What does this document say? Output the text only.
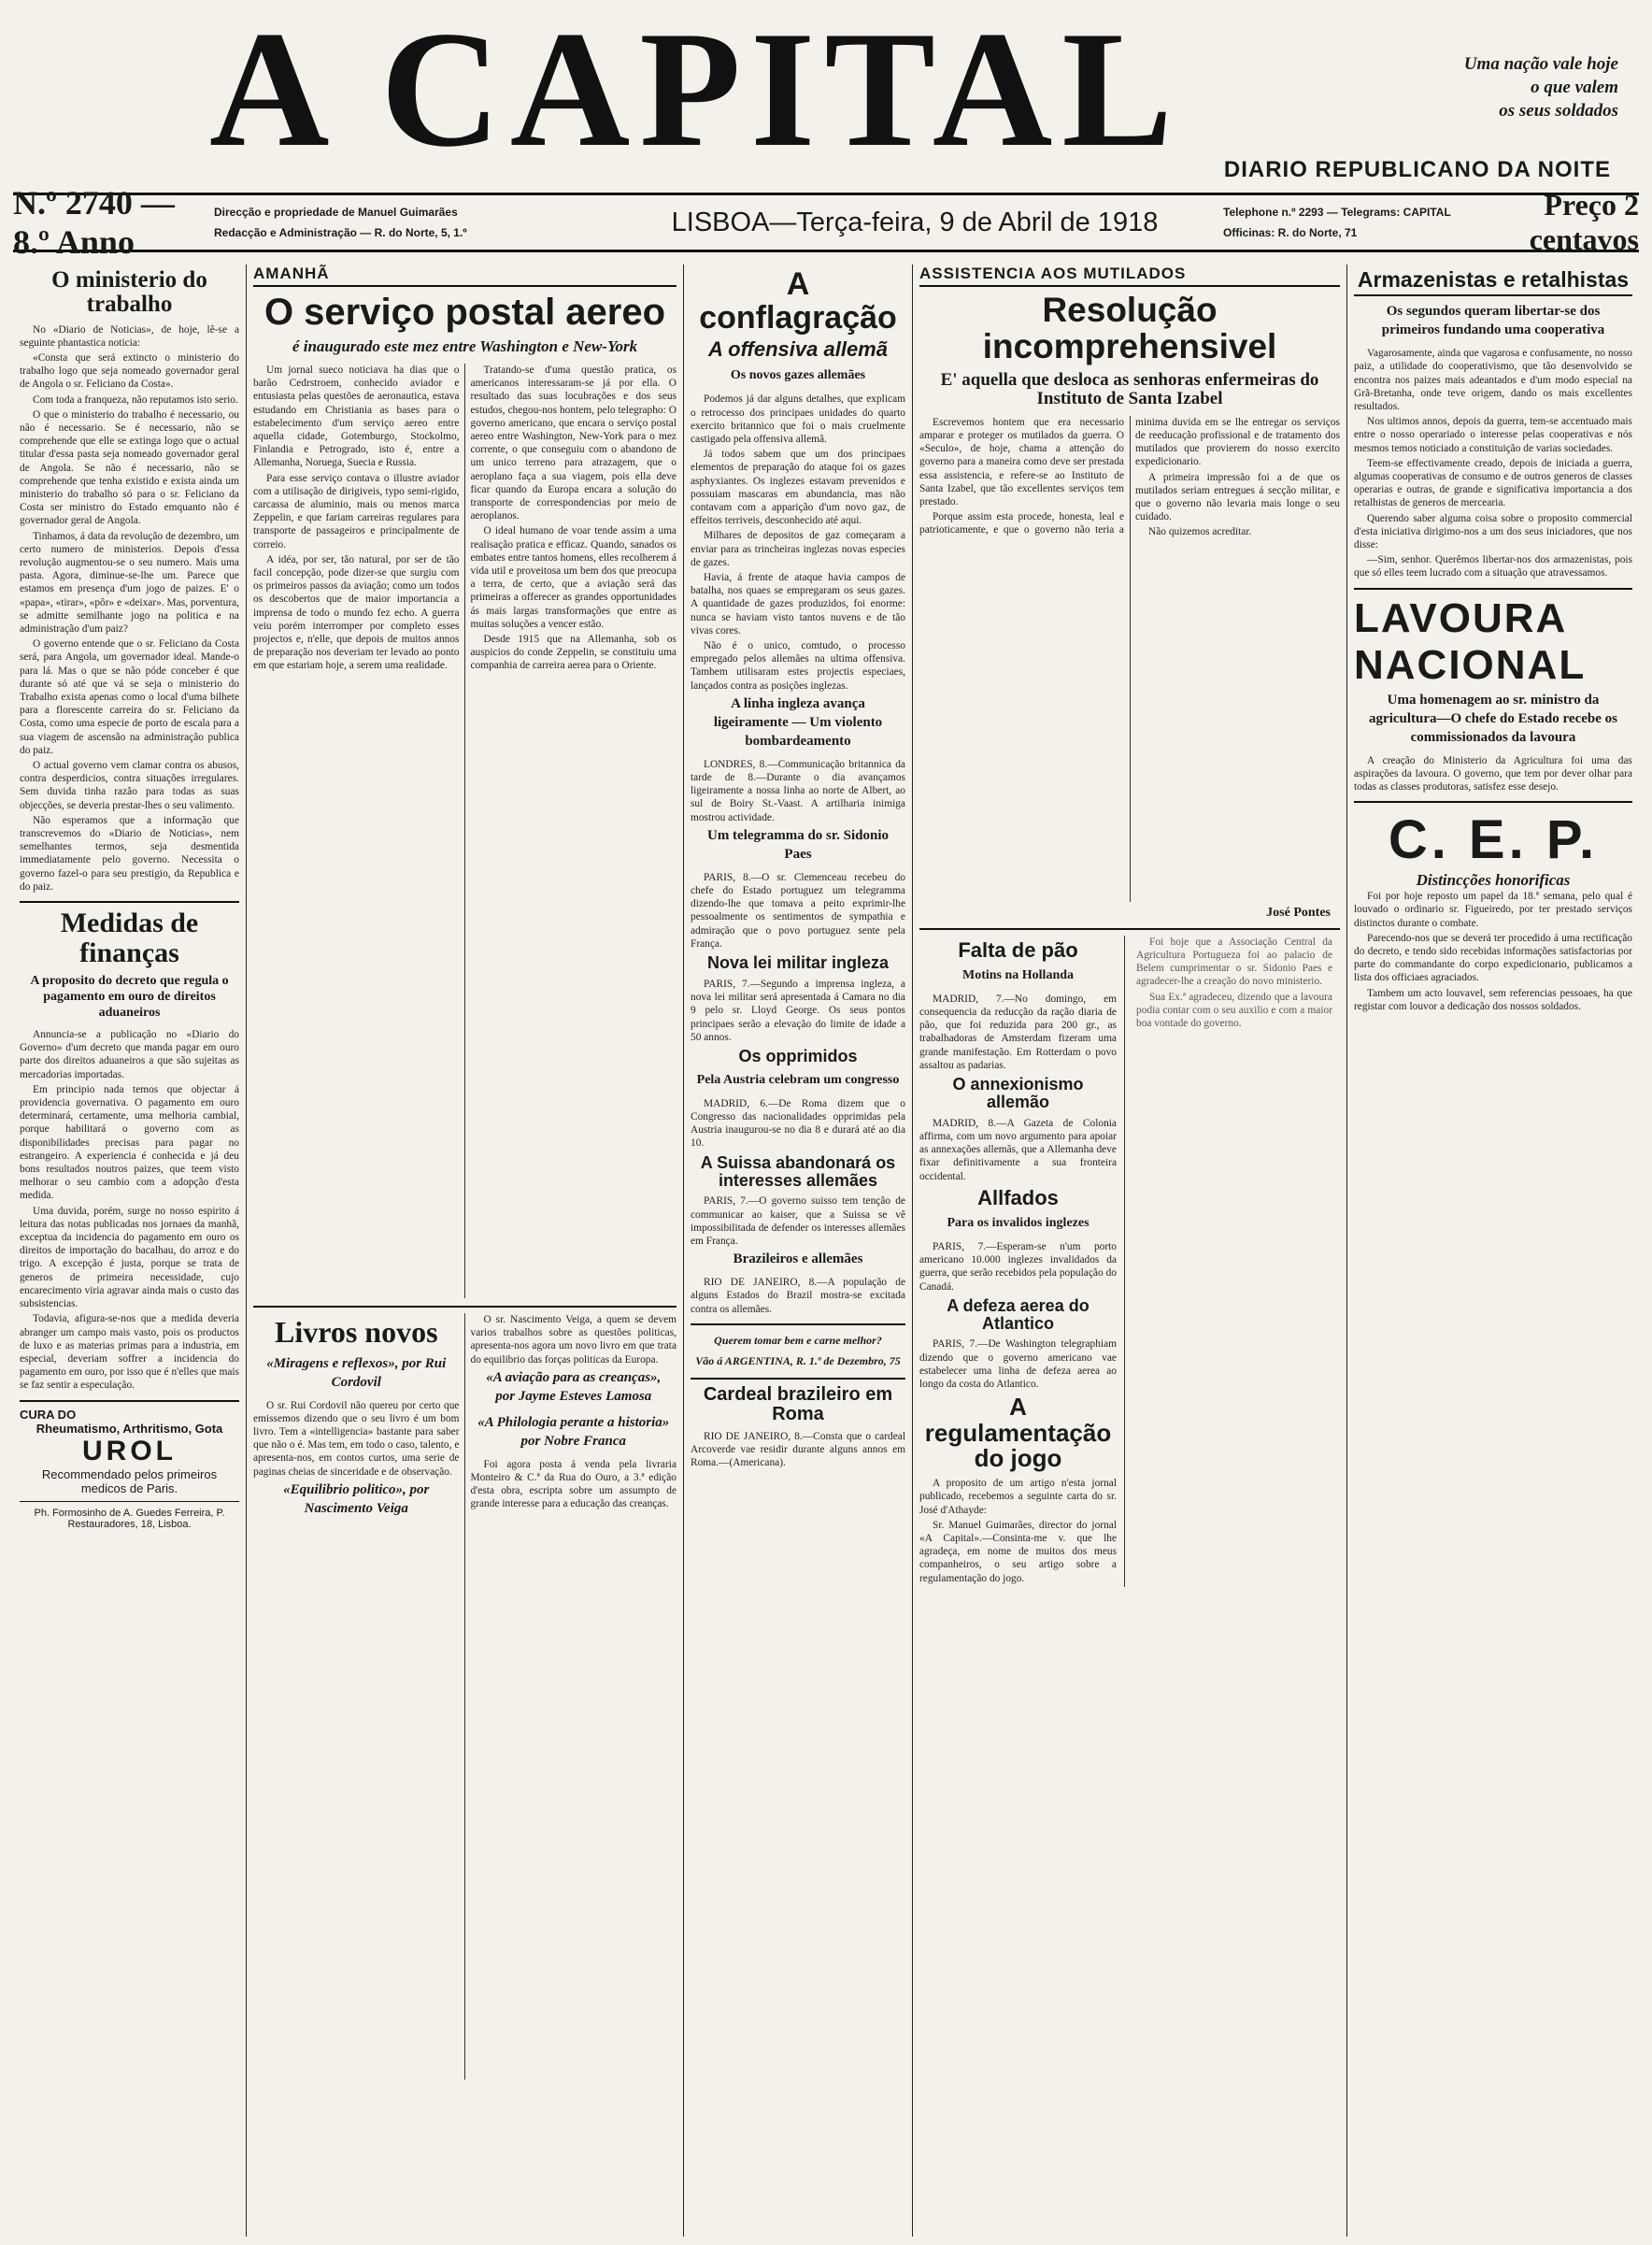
A CAPITAL	Uma nação vale hoje
o que valem
os seus soldados
DIARIO REPUBLICANO DA NOITE
N.º 2740 — 8.º Anno
Direcção e propriedade de Manuel Guimarães
Redacção e Administração — R. do Norte, 5, 1.º	LISBOA—Terça-feira, 9 de Abril de 1918	Telephone n.º 2293 — Telegrams: CAPITAL
Officinas: R. do Norte, 71
Preço 2 centavos
O ministerio do trabalho

No «Diario de Noticias», de hoje, lê-se a seguinte phantastica noticia:

«Consta que será extincto o ministerio do trabalho logo que seja nomeado governador geral de Angola o sr. Feliciano da Costa».

Com toda a franqueza, não reputamos isto serio.

O que o ministerio do trabalho é necessario, ou não é necessario. Se é necessario, não se comprehende que elle se extinga logo que o actual titular d'essa pasta seja nomeado governador geral de Angola. Se não é necessario, não se comprehende que tenha existido e exista ainda um ministerio do trabalho só para o sr. Feliciano da Costa ser ministro do Estado emquanto não é governador geral de Angola.

Tinhamos, á data da revolução de dezembro, um certo numero de ministerios. Depois d'essa revolução augmentou-se o seu numero. Mais uma pasta. Agora, diminue-se-lhe um. Parece que estamos em presença d'um jogo de paizes. E' o «papa», «tirar», «pôr» e «deixar». Mas, porventura, se admitte semilhante jogo na politica e na administração d'um paiz?

O governo entende que o sr. Feliciano da Costa será, para Angola, um governador ideal. Mande-o para lá. Mas o que se não póde conceber é que durante só até que vá se seja o ministerio do Trabalho exista apenas como o local d'uma bilhete para a florescente carreira do sr. Feliciano da Costa, como uma especie de porto de escala para a sua viagem de ascensão na administração publica do paiz.

O actual governo vem clamar contra os abusos, contra desperdicios, contra situações irregulares. Sem duvida tinha razão para todas as suas objecções, se deveria prestar-lhes o seu valimento.

Não esperamos que a informação que transcrevemos do «Diario de Noticias», nem semelhantes termos, seja desmentida immediatamente pelo governo. Necessita o governo fazel-o para seu prestigio, da Republica e do paiz.

Medidas de finanças
A proposito do decreto que regula o pagamento em ouro de direitos aduaneiros

Annuncia-se a publicação no «Diario do Governo» d'um decreto que manda pagar em ouro parte dos direitos aduaneiros a que são sujeitas as mercadorias importadas.

Em principio nada temos que objectar á providencia governativa. O pagamento em ouro determinará, certamente, uma melhoria cambial, porque habilitará o governo com as disponibilidades precisas para pagar no estrangeiro. A experiencia é conhecida e já deu bons resultados noutros paizes, que teem visto melhorar o seu cambio com a adopção d'esta medida.

Uma duvida, porém, surge no nosso espirito á leitura das notas publicadas nos jornaes da manhã, exceptua da incidencia do pagamento em ouro os direitos de importação do bacalhau, do arroz e do trigo. A excepção é justa, porque se trata de generos de primeira necessidade, cujo encarecimento viria agravar ainda mais o custo das subsistencias.

Todavia, afigura-se-nos que a medida deveria abranger um campo mais vasto, pois os productos de luxo e as materias primas para a industria, em especial, deveriam soffrer a incidencia do pagamento em ouro, por isso que é n'elles que mais se faz sentir a especulação.

CURA DO
Rheumatismo, Arthritismo, Gota
UROL
Recommendado pelos primeiros medicos de Paris.
Ph. Formosinho de A. Guedes Ferreira, P. Restauradores, 18, Lisboa.
AMANHÃ
O serviço postal aereo
é inaugurado este mez entre Washington e New-York

Um jornal sueco noticiava ha dias que o barão Cedrstroem, conhecido aviador e entusiasta pelas questões de aeronautica, estava estudando em Christiania as bases para o estabelecimento d'um serviço aereo entre aquella cidade, Gotemburgo, Stockolmo, Finlandia e Petrogrado, isto é, entre a Allemanha, Noruega, Suecia e Russia.

Para esse serviço contava o illustre aviador com a utilisação de dirigiveis, typo semi-rigido, carcassa de aluminio, mais ou menos marca Zeppelin, e que fariam carreiras regulares para transporte de passageiros e principalmente de correio.

A idéa, por ser, tão natural, por ser de tão facil concepção, pode dizer-se que surgiu com os primeiros passos da aviação; como um todos os descobertos que de maior importancia a imprensa de todo o mundo fez echo. A guerra veiu porém interromper por completo esses projectos e, n'elle, que depois de muitos annos de preparação nos deveriam ter levado ao ponto em que estariam hoje, a serem uma realidade.

Tratando-se d'uma questão pratica, os americanos interessaram-se já por ella. O resultado das suas locubrações e dos seus estudos, chegou-nos hontem, pelo telegrapho: O governo americano, que encara o serviço postal aereo entre Washington, New-York para o mez corrente, o que conseguiu com o abandono de um unico terreno para atrazagem, que o aeroplano faça a sua viagem, pois ella deve ficar quando da Europa encara a solução do transporte de correspondencias por meio de aeroplanos.

O ideal humano de voar tende assim a uma realisação pratica e efficaz. Quando, sanados os embates entre tantos homens, elles recolherem á vida util e proveitosa um bem dos que preocupa a terra, de certo, que a aviação será das primeiras a offerecer as grandes opportunidades ás mais largas transformações que entre as muitas soluções a vencer estão.

Desde 1915 que na Allemanha, sob os auspicios do conde Zeppelin, se constituiu uma companhia de carreira aerea para o Oriente.

Livros novos
«Miragens e reflexos», por Rui Cordovil

O sr. Rui Cordovil não quereu por certo que emissemos dizendo que o seu livro é um bom livro. Tem a «intelligencia» bastante para saber que não o é. Mas tem, em todo o caso, talento, e apresenta-nos, em contos curtos, uma serie de paginas cheias de sinceridade e de observação.

«Equilibrio politico», por Nascimento Veiga

O sr. Nascimento Veiga, a quem se devem varios trabalhos sobre as questões politicas, apresenta-nos agora um novo livro em que trata do equilibrio das forças politicas da Europa.

«A aviação para as creanças», por Jayme Esteves Lamosa
«A Philologia perante a historia» por Nobre Franca

Foi agora posta á venda pela livraria Monteiro & C.ª da Rua do Ouro, a 3.ª edição d'esta obra, escripta sobre um assumpto de grande interesse para a educação das creanças.

A conflagração
A offensiva allemã
Os novos gazes allemães

Podemos já dar alguns detalhes, que explicam o retrocesso dos principaes unidades do quarto exercito britannico que foi o mais cruelmente castigado pela offensiva allemã.

Já todos sabem que um dos principaes elementos de preparação do ataque foi os gazes asphyxiantes. Os inglezes estavam prevenidos e possuiam mascaras em abundancia, mas não contavam com a apparição d'um novo gaz, de effeitos terriveis, desconhecido até aqui.

Milhares de depositos de gaz começaram a enviar para as trincheiras inglezas novas especies de gazes.

Havia, á frente de ataque havia campos de batalha, nos quaes se empregaram os seus gazes. A quantidade de gazes produzidos, foi enorme: nunca se haviam visto tantos nuvens e de tão vivas cores.

Não é o unico, comtudo, o processo empregado pelos allemães na ultima offensiva. Tambem utilisaram estes projectis especiaes, lançados contra as posições inglezas.

A linha ingleza avança ligeiramente — Um violento bombardeamento

LONDRES, 8.—Communicação britannica da tarde de 8.—Durante o dia avançamos ligeiramente a nossa linha ao norte de Albert, ao sul de Boiry St.-Vaast. A artilharia inimiga mostrou actividade.

Um telegramma do sr. Sidonio Paes

PARIS, 8.—O sr. Clemenceau recebeu do chefe do Estado portuguez um telegramma dizendo-lhe que tomava a peito exprimir-lhe pessoalmente os sentimentos de sympathia e admiração que o povo portuguez sente pela França.

Nova lei militar ingleza

PARIS, 7.—Segundo a imprensa ingleza, a nova lei militar será apresentada á Camara no dia 9 pelo sr. Lloyd George. Os seus pontos principaes serão a elevação do limite de idade a 50 annos.

Os opprimidos
Pela Austria celebram um congresso

MADRID, 6.—De Roma dizem que o Congresso das nacionalidades opprimidas pela Austria inaugurou-se no dia 8 e durará até ao dia 10.

A Suissa abandonará os interesses allemães

PARIS, 7.—O governo suisso tem tenção de communicar ao kaiser, que a Suissa se vê impossibilitada de defender os interesses allemães em França.

Brazileiros e allemães

RIO DE JANEIRO, 8.—A população de alguns Estados do Brazil mostra-se excitada contra os allemães.

Querem tomar bem e carne melhor?
Vão á ARGENTINA, R. 1.º de Dezembro, 75
Cardeal brazileiro em Roma

RIO DE JANEIRO, 8.—Consta que o cardeal Arcoverde vae residir durante alguns annos em Roma.—(Americana).

ASSISTENCIA AOS MUTILADOS
Resolução incomprehensivel
E' aquella que desloca as senhoras enfermeiras do Instituto de Santa Izabel

Escrevemos hontem que era necessario amparar e proteger os mutilados da guerra. O «Seculo», de hoje, chama a attenção do governo para a maneira como deve ser prestada essa assistencia, e refere-se ao Instituto de Santa Izabel, que tão excellentes serviços tem prestado.

Porque assim esta procede, honesta, leal e patrioticamente, e que o governo não teria a minima duvida em se lhe entregar os serviços de reeducação profissional e de tratamento dos mutilados que provierem do nosso exercito expedicionario.

A primeira impressão foi a de que os mutilados seriam entregues á secção militar, e que o governo não levaria mais longe o seu cuidado.

Não quizemos acreditar.

José Pontes
Falta de pão
Motins na Hollanda

MADRID, 7.—No domingo, em consequencia da reducção da ração diaria de pão, que foi reduzida para 200 gr., as trabalhadoras de Amsterdam fizeram uma grande manifestação. Em Rotterdam o povo assaltou as padarias.

O annexionismo allemão

MADRID, 8.—A Gazeta de Colonia affirma, com um novo argumento para apoiar as annexações allemãs, que a Allemanha deve fixar definitivamente a sua fronteira occidental.

Allfados
Para os invalidos inglezes

PARIS, 7.—Esperam-se n'um porto americano 10.000 inglezes invalidados da guerra, que serão recebidos pela população do Canadá.

A defeza aerea do Atlantico

PARIS, 7.—De Washington telegraphiam dizendo que o governo americano vae estabelecer uma linha de defeza aerea ao longo da costa do Atlantico.

A regulamentação do jogo

A proposito de um artigo n'esta jornal publicado, recebemos a seguinte carta do sr. José d'Athayde:

Sr. Manuel Guimarães, director do jornal «A Capital».—Consinta-me v. que lhe agradeça, em nome de muitos dos meus companheiros, o seu artigo sobre a regulamentação do jogo.

Foi hoje que a Associação Central da Agricultura Portugueza foi ao palacio de Belem cumprimentar o sr. Sidonio Paes e agradecer-lhe a creação do novo ministerio.

Sua Ex.ª agradeceu, dizendo que a lavoura podia contar com o seu auxilio e com a maior boa vontade do governo.

Armazenistas e retalhistas
Os segundos queram libertar-se dos primeiros fundando uma cooperativa

Vagarosamente, ainda que vagarosa e confusamente, no nosso paiz, a utilidade do cooperativismo, que tão desenvolvido se encontra nos paizes mais adeantados e d'um modo especial na Grã-Bretanha, onde teve origem, dando os mais excellentes resultados.

Nos ultimos annos, depois da guerra, tem-se accentuado mais entre o nosso operariado o interesse pelas cooperativas e nós mesmos temos noticiado a constituição de varias sociedades.

Teem-se effectivamente creado, depois de iniciada a guerra, algumas cooperativas de consumo e de outros generos de classes operarias e outras, de grande e significativa importancia a dos retalhistas de generos de mercearia.

Querendo saber alguma coisa sobre o proposito commercial d'esta iniciativa dirigimo-nos a um dos seus iniciadores, que nos disse:

—Sim, senhor. Querêmos libertar-nos dos armazenistas, pois que só elles teem lucrado com a situação que atravessamos.

LAVOURA NACIONAL
Uma homenagem ao sr. ministro da agricultura—O chefe do Estado recebe os commissionados da lavoura

A creação do Ministerio da Agricultura foi uma das aspirações da lavoura. O governo, que tem por dever olhar para todas as classes produtoras, satisfez esse desejo.

C. E. P.
Distincções honorificas

Foi por hoje reposto um papel da 18.ª semana, pelo qual é louvado o ordinario sr. Figueiredo, por ter prestado serviços distinctos durante o combate.

Parecendo-nos que se deverá ter procedido á uma rectificação do decreto, e tendo sido recebidas informações satisfactorias por parte do commandante do corpo expedicionario, publicamos a lista dos officiaes agraciados.

Tambem um acto louvavel, sem referencias pessoaes, ha que registar com louvor a dedicação dos nossos soldados.
